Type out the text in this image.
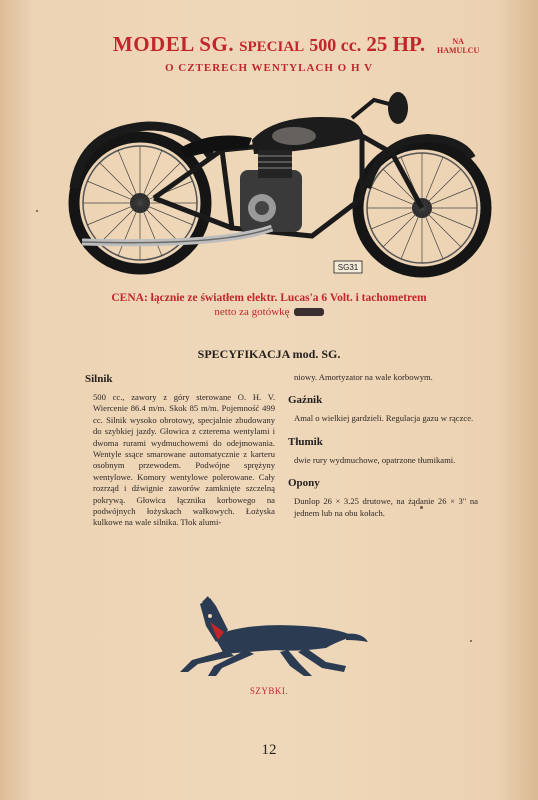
MODEL SG. SPECIAL 500 cc. 25 HP.	NA
HAMULCU
O CZTERECH WENTYLACH O H V
SG31
CENA: łącznie ze światłem elektr. Lucas'a 6 Volt. i tachometrem
netto za gotówkę
SPECYFIKACJA mod. SG.
Silnik
500 cc., zawory z góry sterowane O. H. V. Wiercenie 86.4 m/m. Skok 85 m/m. Pojemność 499 cc. Silnik wysoko obrotowy, specjalnie zbudowany do szybkiej jazdy. Głowica z czterema wentylami i dwoma rurami wydmuchowemi do odejmowania. Wentyle ssące smarowane automatycznie z karteru osobnym przewodem. Podwójne sprężyny wentylowe. Komory wentylowe polerowane. Cały rozrząd i dźwignie zaworów zamknięte szczelną pokrywą. Głowica łącznika korbowego na podwójnych łożyskach wałkowych. Łożyska kulkowe na wale silnika. Tłok alumi-
niowy. Amortyzator na wale korbowym.
Gaźnik
Amal o wielkiej gardzieli. Regulacja gazu w rączce.
Tłumik
dwie rury wydmuchowe, opatrzone tłumikami.
Opony
Dunlop 26 × 3.25 drutowe, na żądanie 26 × 3" na jednem lub na obu kołach.
SZYBKI.
12
